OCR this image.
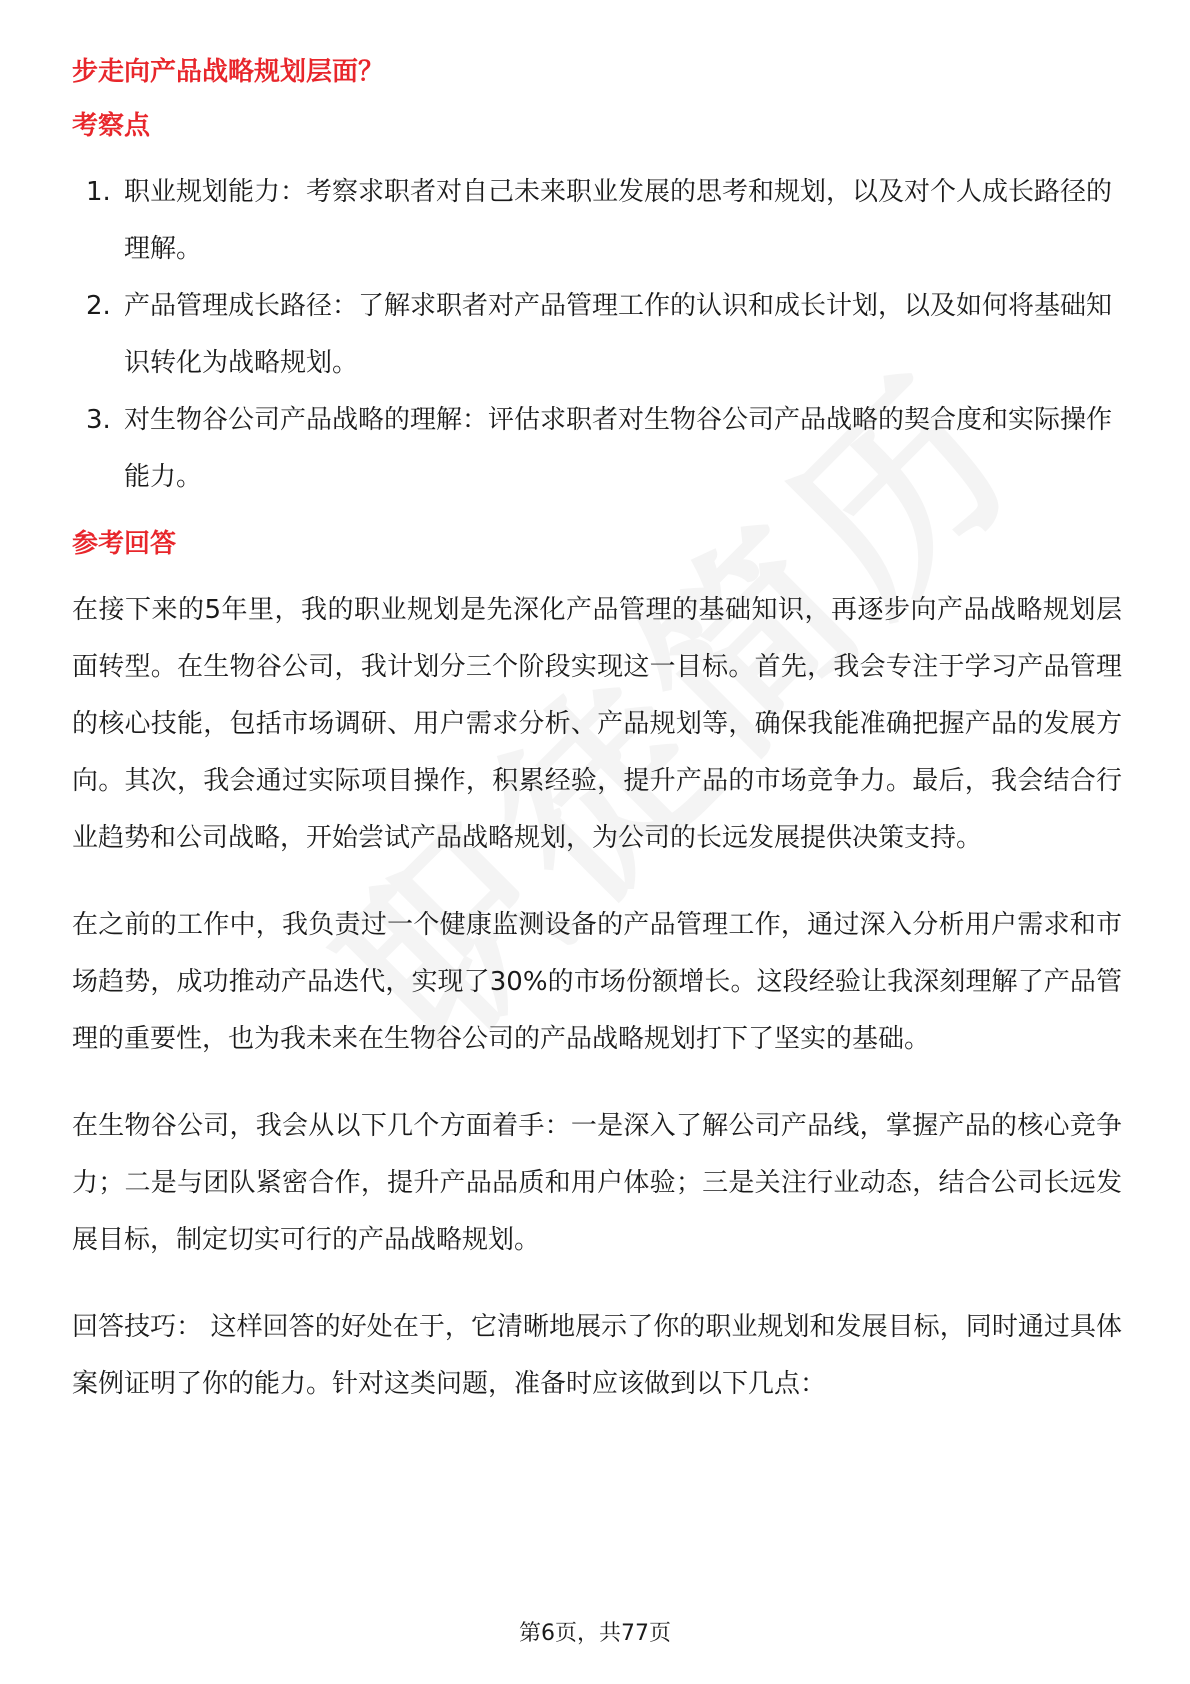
步走向产品战略规划层面？
考察点
1. 职业规划能力：考察求职者对自己未来职业发展的思考和规划，以及对个人成长路径的理解。
2. 产品管理成长路径：了解求职者对产品管理工作的认识和成长计划，以及如何将基础知识转化为战略规划。
3. 对生物谷公司产品战略的理解：评估求职者对生物谷公司产品战略的契合度和实际操作能力。
参考回答

在接下来的5年里，我的职业规划是先深化产品管理的基础知识，再逐步向产品战略规划层面转型。在生物谷公司，我计划分三个阶段实现这一目标。首先，我会专注于学习产品管理的核心技能，包括市场调研、用户需求分析、产品规划等，确保我能准确把握产品的发展方向。其次，我会通过实际项目操作，积累经验，提升产品的市场竞争力。最后，我会结合行业趋势和公司战略，开始尝试产品战略规划，为公司的长远发展提供决策支持。

在之前的工作中，我负责过一个健康监测设备的产品管理工作，通过深入分析用户需求和市场趋势，成功推动产品迭代，实现了30%的市场份额增长。这段经验让我深刻理解了产品管理的重要性，也为我未来在生物谷公司的产品战略规划打下了坚实的基础。

在生物谷公司，我会从以下几个方面着手：一是深入了解公司产品线，掌握产品的核心竞争力；二是与团队紧密合作，提升产品品质和用户体验；三是关注行业动态，结合公司长远发展目标，制定切实可行的产品战略规划。

回答技巧： 这样回答的好处在于，它清晰地展示了你的职业规划和发展目标，同时通过具体案例证明了你的能力。针对这类问题，准备时应该做到以下几点：

第6页，共77页
